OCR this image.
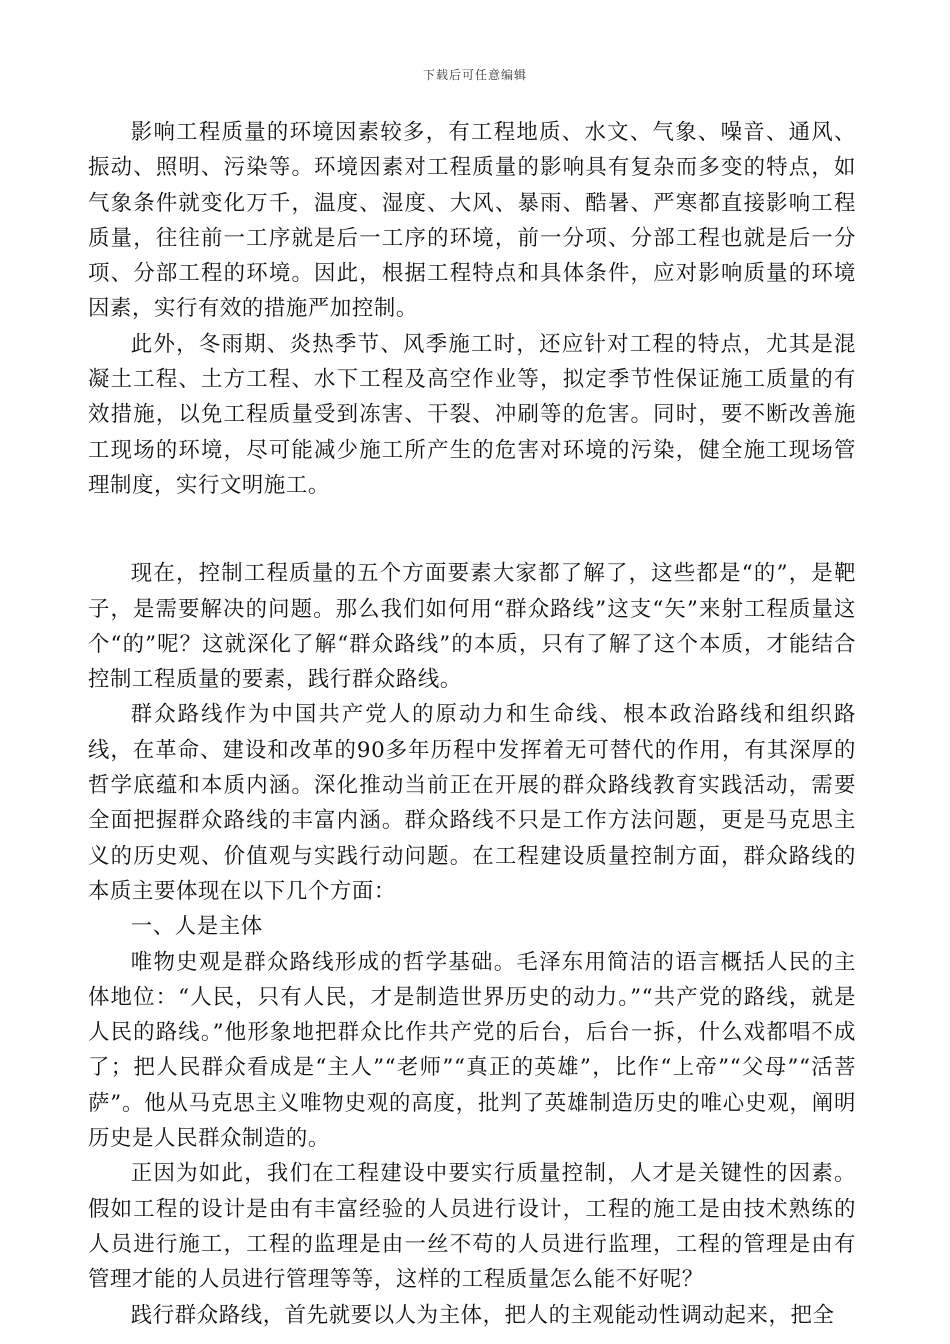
下载后可任意编辑

影响工程质量的环境因素较多，有工程地质、水文、气象、噪音、通风、振动、照明、污染等。环境因素对工程质量的影响具有复杂而多变的特点，如气象条件就变化万千，温度、湿度、大风、暴雨、酷暑、严寒都直接影响工程质量，往往前一工序就是后一工序的环境，前一分项、分部工程也就是后一分项、分部工程的环境。因此，根据工程特点和具体条件，应对影响质量的环境因素，实行有效的措施严加控制。

此外，冬雨期、炎热季节、风季施工时，还应针对工程的特点，尤其是混凝土工程、土方工程、水下工程及高空作业等，拟定季节性保证施工质量的有效措施，以免工程质量受到冻害、干裂、冲刷等的危害。同时，要不断改善施工现场的环境，尽可能减少施工所产生的危害对环境的污染，健全施工现场管理制度，实行文明施工。

现在，控制工程质量的五个方面要素大家都了解了，这些都是“的”，是靶子，是需要解决的问题。那么我们如何用“群众路线”这支“矢”来射工程质量这个“的”呢？这就深化了解“群众路线”的本质，只有了解了这个本质，才能结合控制工程质量的要素，践行群众路线。

群众路线作为中国共产党人的原动力和生命线、根本政治路线和组织路线，在革命、建设和改革的90多年历程中发挥着无可替代的作用，有其深厚的哲学底蕴和本质内涵。深化推动当前正在开展的群众路线教育实践活动，需要全面把握群众路线的丰富内涵。群众路线不只是工作方法问题，更是马克思主义的历史观、价值观与实践行动问题。在工程建设质量控制方面，群众路线的本质主要体现在以下几个方面：

一、人是主体

唯物史观是群众路线形成的哲学基础。毛泽东用简洁的语言概括人民的主体地位：“人民，只有人民，才是制造世界历史的动力。”“共产党的路线，就是人民的路线。”他形象地把群众比作共产党的后台，后台一拆，什么戏都唱不成了；把人民群众看成是“主人”“老师”“真正的英雄”，比作“上帝”“父母”“活菩萨”。他从马克思主义唯物史观的高度，批判了英雄制造历史的唯心史观，阐明历史是人民群众制造的。

正因为如此，我们在工程建设中要实行质量控制，人才是关键性的因素。假如工程的设计是由有丰富经验的人员进行设计，工程的施工是由技术熟练的人员进行施工，工程的监理是由一丝不苟的人员进行监理，工程的管理是由有管理才能的人员进行管理等等，这样的工程质量怎么能不好呢？

践行群众路线，首先就要以人为主体，把人的主观能动性调动起来，把全
